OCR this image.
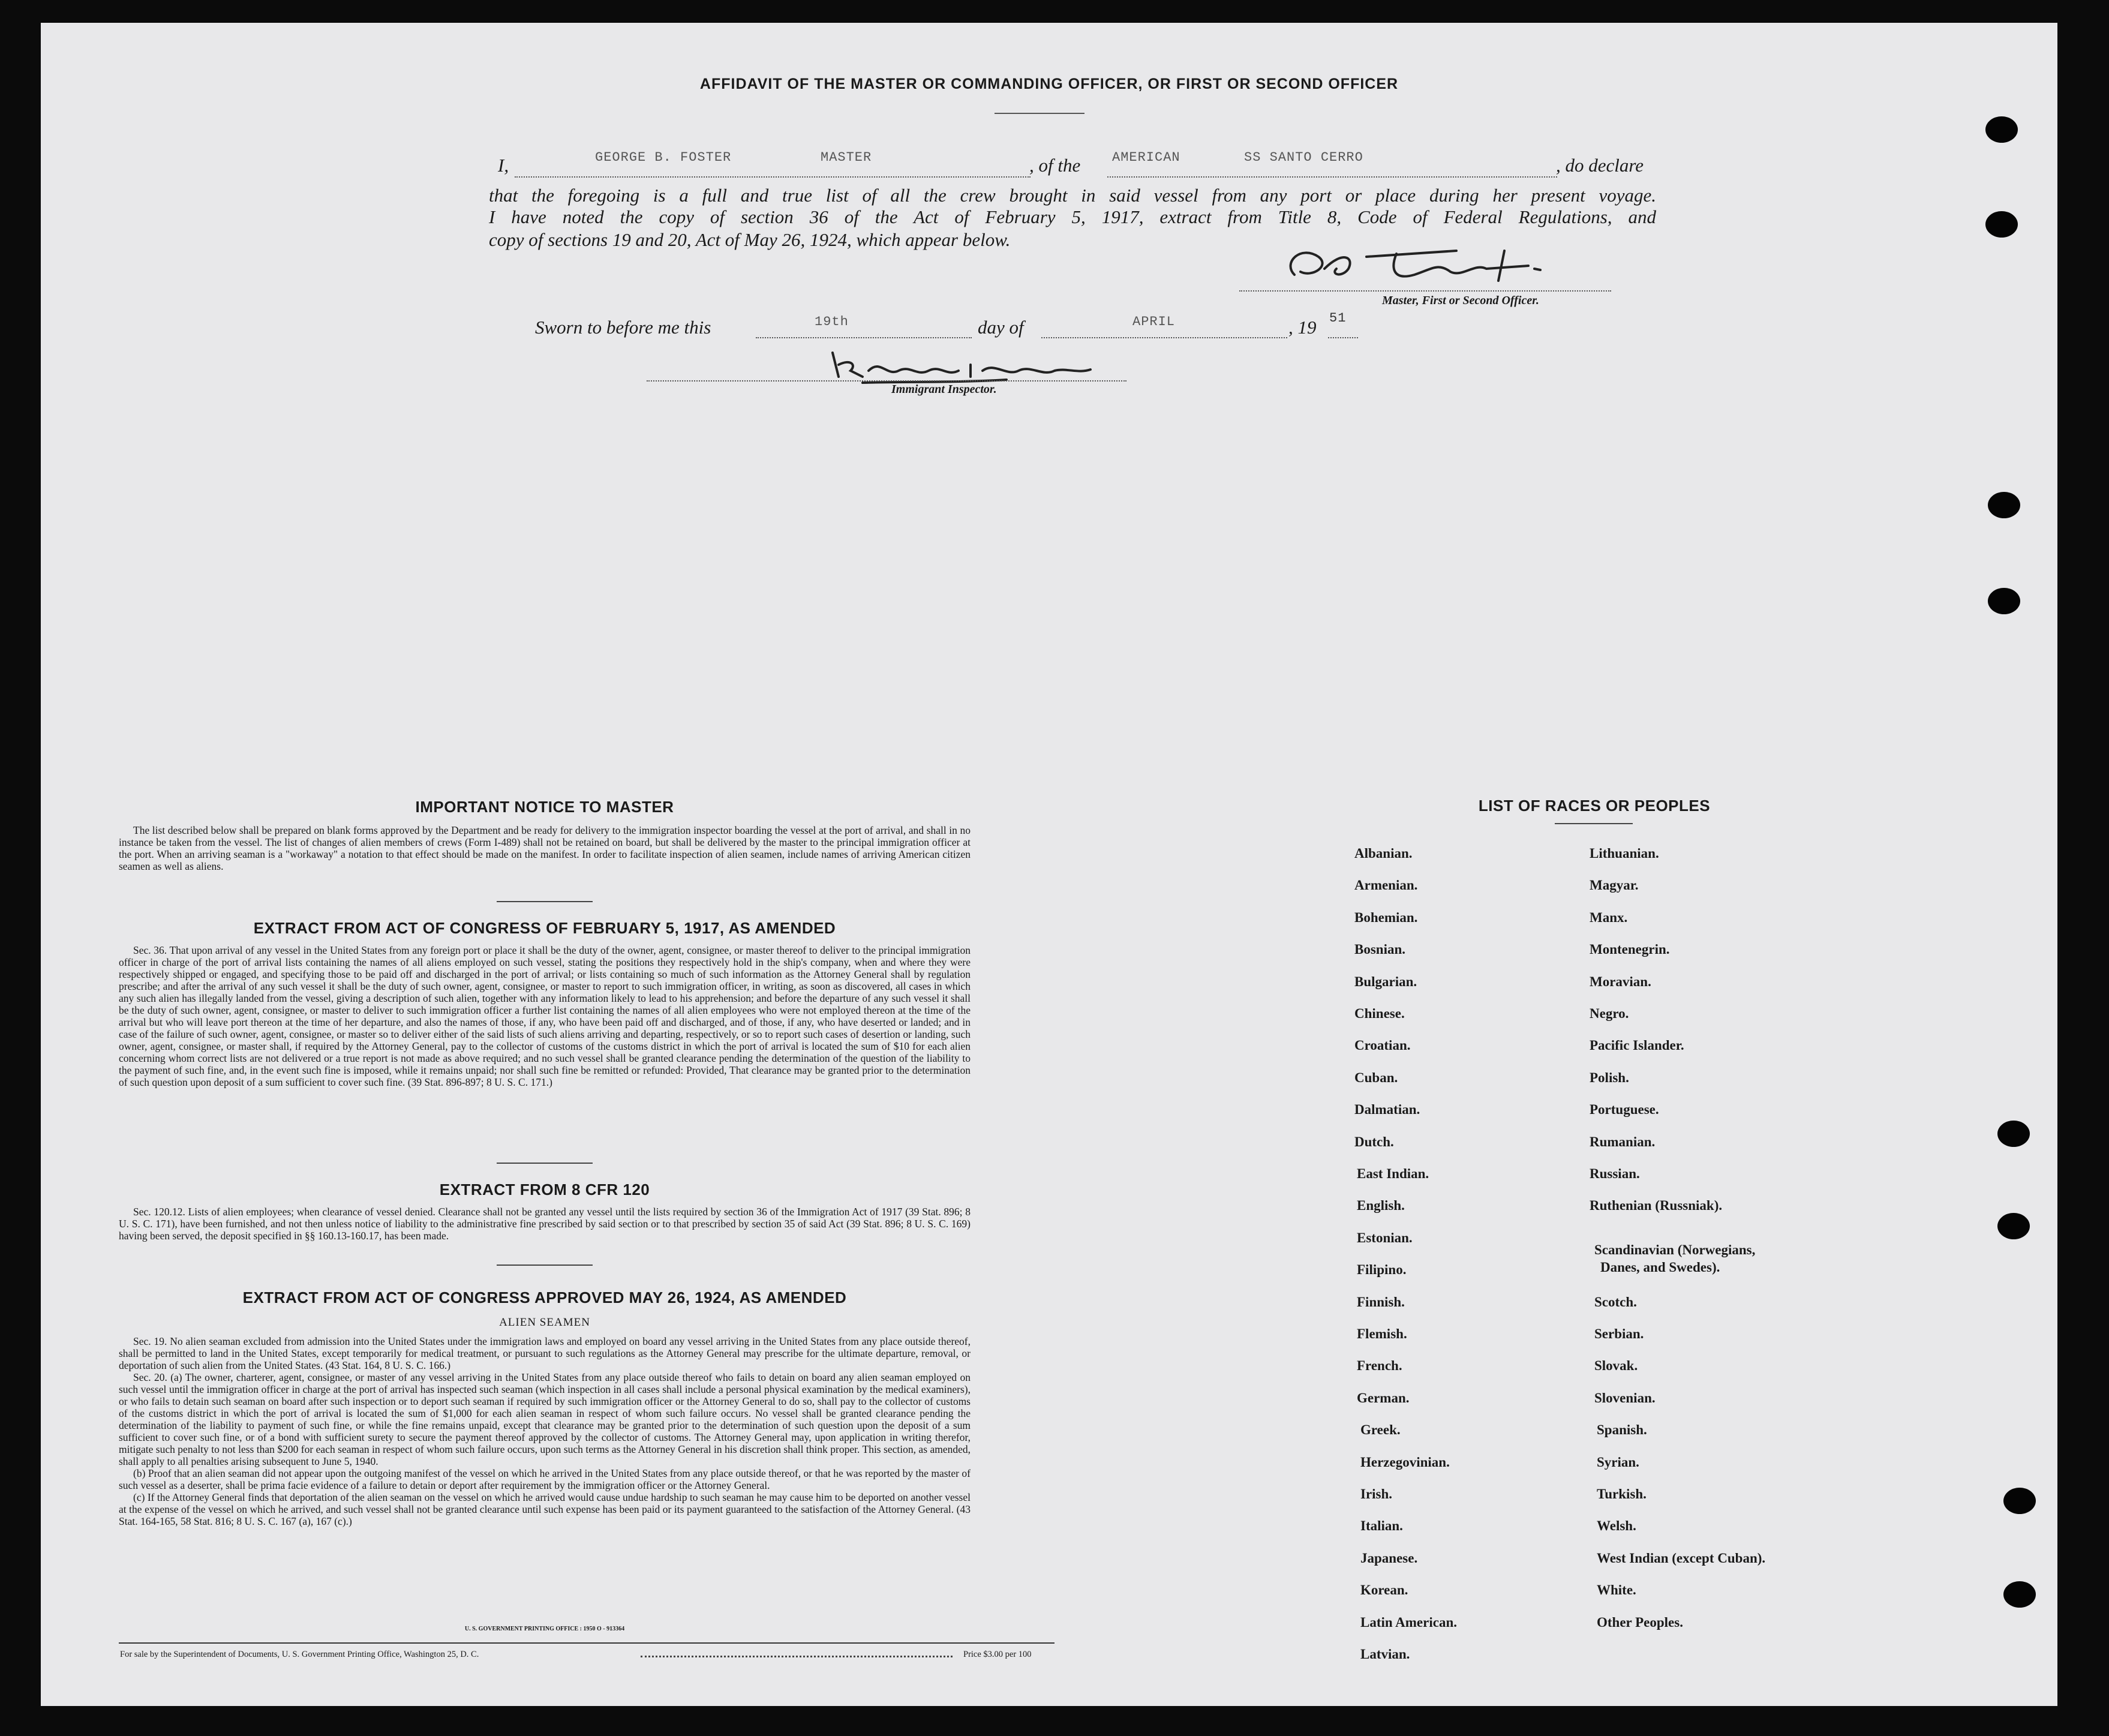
AFFIDAVIT OF THE MASTER OR COMMANDING OFFICER, OR FIRST OR SECOND OFFICER
I,	GEORGE B. FOSTER	MASTER	, of the AMERICAN	SS SANTO CERRO	, do declare
that the foregoing is a full and true list of all the crew brought in said vessel from any port or place during her present voyage.
I have noted the copy of section 36 of the Act of February 5, 1917, extract from Title 8, Code of Federal Regulations, and
copy of sections 19 and 20, Act of May 26, 1924, which appear below.
Master, First or Second Officer.
Sworn to before me this	19th	day of	APRIL	, 19 51
Immigrant Inspector.
IMPORTANT NOTICE TO MASTER

The list described below shall be prepared on blank forms approved by the Department and be ready for delivery to the immigration inspector boarding the vessel at the port of arrival, and shall in no instance be taken from the vessel. The list of changes of alien members of crews (Form I-489) shall not be retained on board, but shall be delivered by the master to the principal immigration officer at the port. When an arriving seaman is a "workaway" a notation to that effect should be made on the manifest. In order to facilitate inspection of alien seamen, include names of arriving American citizen seamen as well as aliens.

EXTRACT FROM ACT OF CONGRESS OF FEBRUARY 5, 1917, AS AMENDED

Sec. 36. That upon arrival of any vessel in the United States from any foreign port or place it shall be the duty of the owner, agent, consignee, or master thereof to deliver to the principal immigration officer in charge of the port of arrival lists containing the names of all aliens employed on such vessel, stating the positions they respectively hold in the ship's company, when and where they were respectively shipped or engaged, and specifying those to be paid off and discharged in the port of arrival; or lists containing so much of such information as the Attorney General shall by regulation prescribe; and after the arrival of any such vessel it shall be the duty of such owner, agent, consignee, or master to report to such immigration officer, in writing, as soon as discovered, all cases in which any such alien has illegally landed from the vessel, giving a description of such alien, together with any information likely to lead to his apprehension; and before the departure of any such vessel it shall be the duty of such owner, agent, consignee, or master to deliver to such immigration officer a further list containing the names of all alien employees who were not employed thereon at the time of the arrival but who will leave port thereon at the time of her departure, and also the names of those, if any, who have been paid off and discharged, and of those, if any, who have deserted or landed; and in case of the failure of such owner, agent, consignee, or master so to deliver either of the said lists of such aliens arriving and departing, respectively, or so to report such cases of desertion or landing, such owner, agent, consignee, or master shall, if required by the Attorney General, pay to the collector of customs of the customs district in which the port of arrival is located the sum of $10 for each alien concerning whom correct lists are not delivered or a true report is not made as above required; and no such vessel shall be granted clearance pending the determination of the question of the liability to the payment of such fine, and, in the event such fine is imposed, while it remains unpaid; nor shall such fine be remitted or refunded: Provided, That clearance may be granted prior to the determination of such question upon deposit of a sum sufficient to cover such fine. (39 Stat. 896-897; 8 U. S. C. 171.)

EXTRACT FROM 8 CFR 120

Sec. 120.12. Lists of alien employees; when clearance of vessel denied. Clearance shall not be granted any vessel until the lists required by section 36 of the Immigration Act of 1917 (39 Stat. 896; 8 U. S. C. 171), have been furnished, and not then unless notice of liability to the administrative fine prescribed by said section or to that prescribed by section 35 of said Act (39 Stat. 896; 8 U. S. C. 169) having been served, the deposit specified in §§ 160.13-160.17, has been made.

EXTRACT FROM ACT OF CONGRESS APPROVED MAY 26, 1924, AS AMENDED
ALIEN SEAMEN

Sec. 19. No alien seaman excluded from admission into the United States under the immigration laws and employed on board any vessel arriving in the United States from any place outside thereof, shall be permitted to land in the United States, except temporarily for medical treatment, or pursuant to such regulations as the Attorney General may prescribe for the ultimate departure, removal, or deportation of such alien from the United States. (43 Stat. 164, 8 U. S. C. 166.)

Sec. 20. (a) The owner, charterer, agent, consignee, or master of any vessel arriving in the United States from any place outside thereof who fails to detain on board any alien seaman employed on such vessel until the immigration officer in charge at the port of arrival has inspected such seaman (which inspection in all cases shall include a personal physical examination by the medical examiners), or who fails to detain such seaman on board after such inspection or to deport such seaman if required by such immigration officer or the Attorney General to do so, shall pay to the collector of customs of the customs district in which the port of arrival is located the sum of $1,000 for each alien seaman in respect of whom such failure occurs. No vessel shall be granted clearance pending the determination of the liability to payment of such fine, or while the fine remains unpaid, except that clearance may be granted prior to the determination of such question upon the deposit of a sum sufficient to cover such fine, or of a bond with sufficient surety to secure the payment thereof approved by the collector of customs. The Attorney General may, upon application in writing therefor, mitigate such penalty to not less than $200 for each seaman in respect of whom such failure occurs, upon such terms as the Attorney General in his discretion shall think proper. This section, as amended, shall apply to all penalties arising subsequent to June 5, 1940.

(b) Proof that an alien seaman did not appear upon the outgoing manifest of the vessel on which he arrived in the United States from any place outside thereof, or that he was reported by the master of such vessel as a deserter, shall be prima facie evidence of a failure to detain or deport after requirement by the immigration officer or the Attorney General.

(c) If the Attorney General finds that deportation of the alien seaman on the vessel on which he arrived would cause undue hardship to such seaman he may cause him to be deported on another vessel at the expense of the vessel on which he arrived, and such vessel shall not be granted clearance until such expense has been paid or its payment guaranteed to the satisfaction of the Attorney General. (43 Stat. 164-165, 58 Stat. 816; 8 U. S. C. 167 (a), 167 (c).)

U. S. GOVERNMENT PRINTING OFFICE : 1950 O - 913364
For sale by the Superintendent of Documents, U. S. Government Printing Office, Washington 25, D. C.	Price $3.00 per 100
LIST OF RACES OR PEOPLES
Albanian.
Armenian.
Bohemian.
Bosnian.
Bulgarian.
Chinese.
Croatian.
Cuban.
Dalmatian.
Dutch.
East Indian.
English.
Estonian.
Filipino.
Finnish.
Flemish.
French.
German.
Greek.
Herzegovinian.
Irish.
Italian.
Japanese.
Korean.
Latin American.
Latvian.
Lithuanian.
Magyar.
Manx.
Montenegrin.
Moravian.
Negro.
Pacific Islander.
Polish.
Portuguese.
Rumanian.
Russian.
Ruthenian (Russniak).
Scandinavian (Norwegians,
Danes, and Swedes).
Scotch.
Serbian.
Slovak.
Slovenian.
Spanish.
Syrian.
Turkish.
Welsh.
West Indian (except Cuban).
White.
Other Peoples.
